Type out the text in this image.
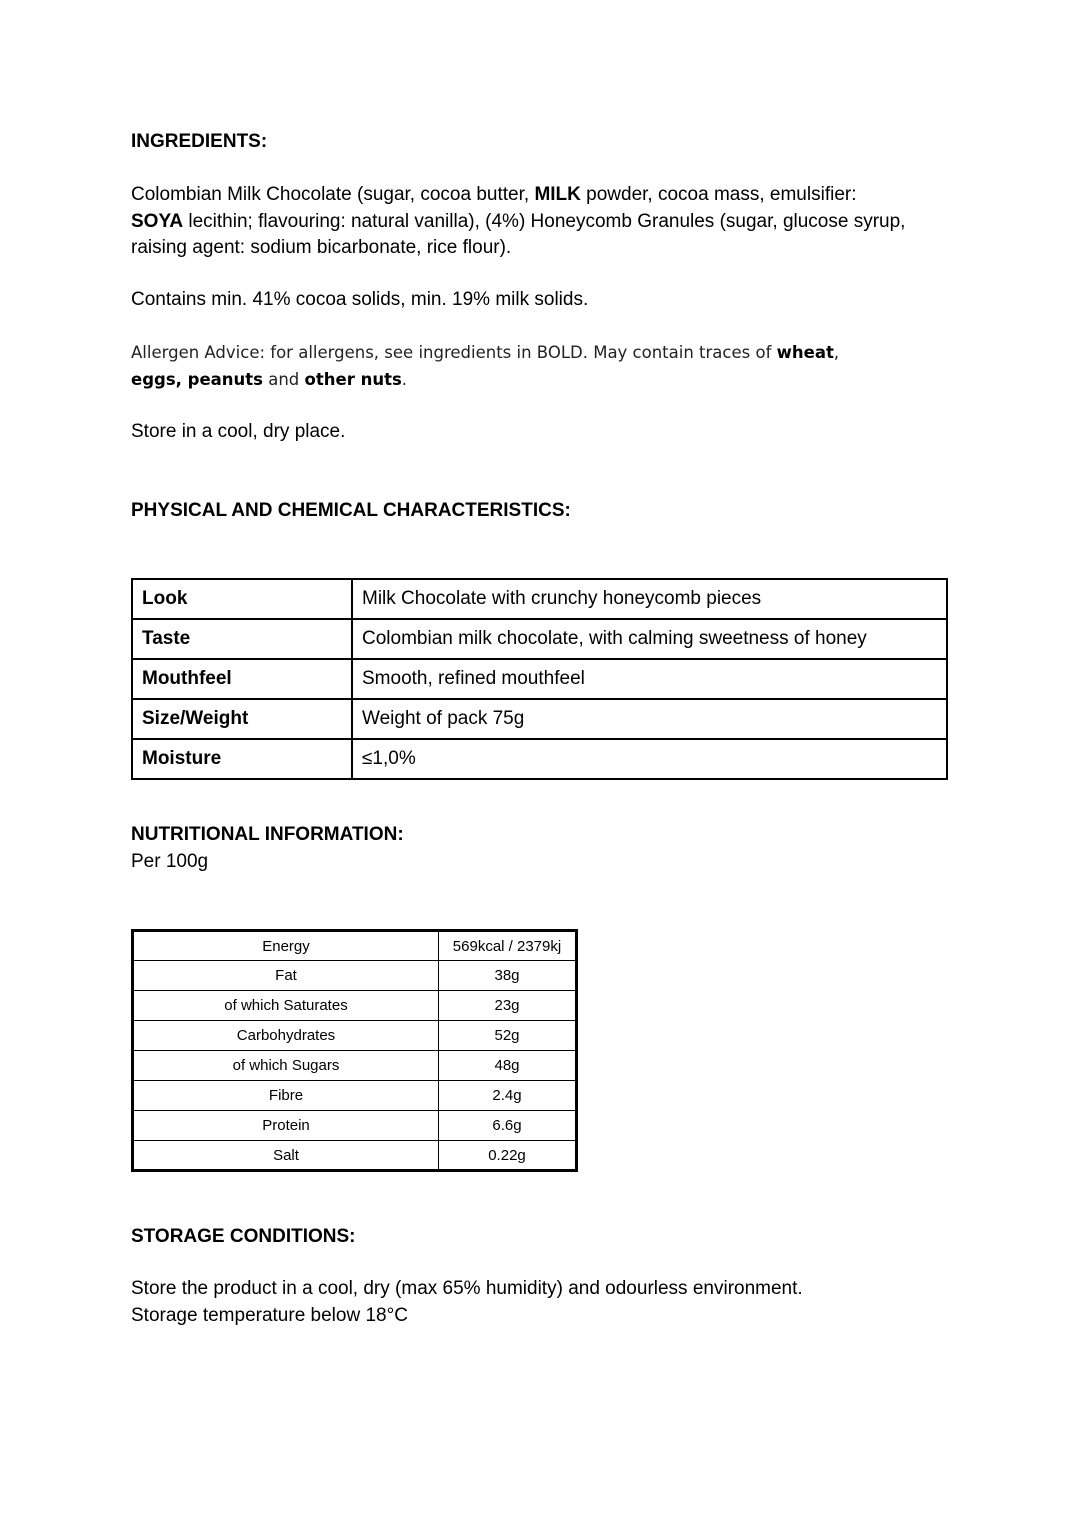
INGREDIENTS:
Colombian Milk Chocolate (sugar, cocoa butter, MILK powder, cocoa mass, emulsifier:
SOYA lecithin; flavouring: natural vanilla), (4%) Honeycomb Granules (sugar, glucose syrup,
raising agent: sodium bicarbonate, rice flour).
Contains min. 41% cocoa solids, min. 19% milk solids.
Allergen Advice: for allergens, see ingredients in BOLD. May contain traces of wheat,
eggs, peanuts and other nuts.
Store in a cool, dry place.
PHYSICAL AND CHEMICAL CHARACTERISTICS:
Look	Milk Chocolate with crunchy honeycomb pieces
Taste	Colombian milk chocolate, with calming sweetness of honey
Mouthfeel	Smooth, refined mouthfeel
Size/Weight	Weight of pack 75g
Moisture	≤1,0%
NUTRITIONAL INFORMATION:
Per 100g
Energy	569kcal / 2379kj
Fat	38g
of which Saturates	23g
Carbohydrates	52g
of which Sugars	48g
Fibre	2.4g
Protein	6.6g
Salt	0.22g
STORAGE CONDITIONS:
Store the product in a cool, dry (max 65% humidity) and odourless environment.
Storage temperature below 18°C
